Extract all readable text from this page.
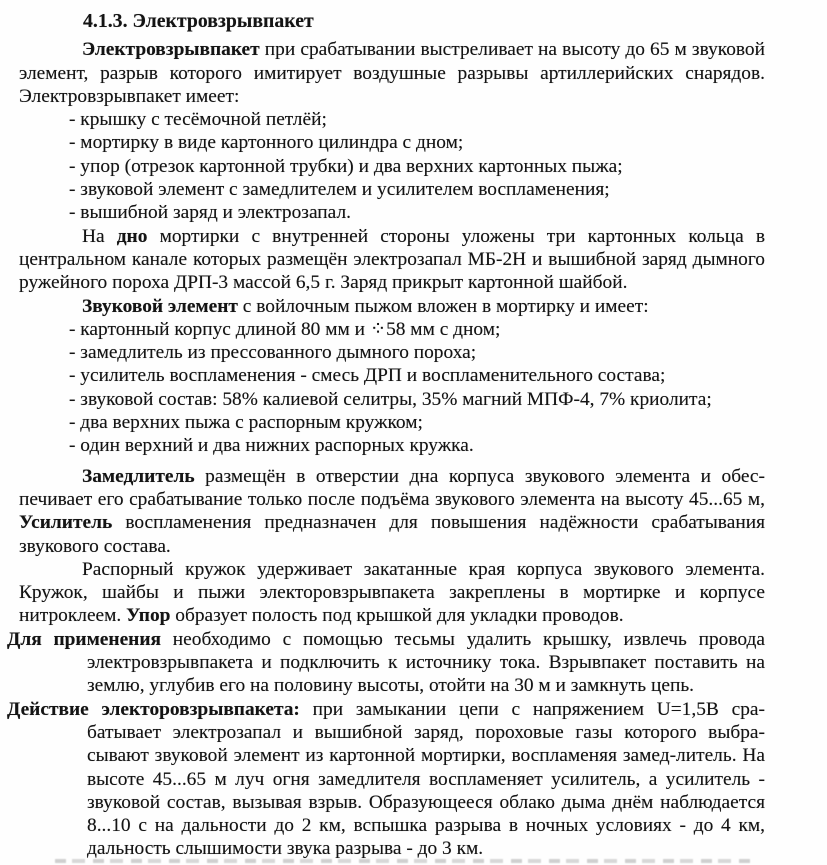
4.1.3. Электровзрывпакет

Электровзрывпакет при срабатывании выстреливает на высоту до 65 м звуковой элемент, разрыв которого имитирует воздушные разрывы артиллерийских снарядов. Электровзрывпакет имеет:

- крышку с тесёмочной петлёй;
- мортирку в виде картонного цилиндра с дном;
- упор (отрезок картонной трубки) и два верхних картонных пыжа;
- звуковой элемент с замедлителем и усилителем воспламенения;
- вышибной заряд и электрозапал.

На дно мортирки с внутренней стороны уложены три картонных кольца в центральном канале которых размещён электрозапал МБ-2Н и вышибной заряд дымного ружейного пороха ДРП-3 массой 6,5 г. Заряд прикрыт картонной шайбой.

Звуковой элемент с войлочным пыжом вложен в мортирку и имеет:

- картонный корпус длиной 80 мм и ⁘58 мм с дном;
- замедлитель из прессованного дымного пороха;
- усилитель воспламенения - смесь ДРП и воспламенительного состава;
- звуковой состав: 58% калиевой селитры, 35% магний МПФ-4, 7% криолита;
- два верхних пыжа с распорным кружком;
- один верхний и два нижних распорных кружка.

Замедлитель размещён в отверстии дна корпуса звукового элемента и обеспечивает его срабатывание только после подъёма звукового элемента на высоту 45...65 м, Усилитель воспламенения предназначен для повышения надёжности срабатывания звукового состава.

Распорный кружок удерживает закатанные края корпуса звукового элемента. Кружок, шайбы и пыжи электоровзрывпакета закреплены в мортирке и корпусе нитроклеем. Упор образует полость под крышкой для укладки проводов.

Для применения необходимо с помощью тесьмы удалить крышку, извлечь провода электровзрывпакета и подключить к источнику тока. Взрывпакет поставить на землю, углубив его на половину высоты, отойти на 30 м и замкнуть цепь.

Действие электоровзрывпакета: при замыкании цепи с напряжением U=1,5В срабатывает электрозапал и вышибной заряд, пороховые газы которого выбрасывают звуковой элемент из картонной мортирки, воспламеняя замед-литель. На высоте 45...65 м луч огня замедлителя воспламеняет усилитель, а усилитель - звуковой состав, вызывая взрыв. Образующееся облако дыма днём наблюдается 8...10 с на дальности до 2 км, вспышка разрыва в ночных условиях - до 4 км, дальность слышимости звука разрыва - до 3 км.
